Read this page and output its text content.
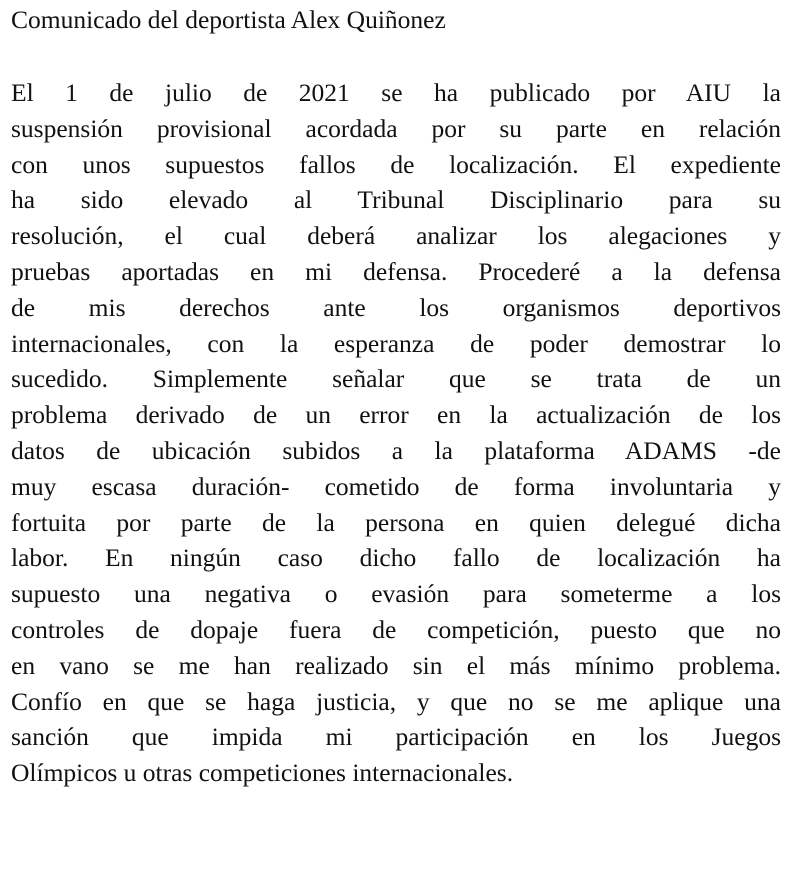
Comunicado del deportista Alex Quiñonez
El 1 de julio de 2021 se ha publicado por AIU la
suspensión provisional acordada por su parte en relación
con unos supuestos fallos de localización. El expediente
ha sido elevado al Tribunal Disciplinario para su
resolución, el cual deberá analizar los alegaciones y
pruebas aportadas en mi defensa. Procederé a la defensa
de mis derechos ante los organismos deportivos
internacionales, con la esperanza de poder demostrar lo
sucedido. Simplemente señalar que se trata de un
problema derivado de un error en la actualización de los
datos de ubicación subidos a la plataforma ADAMS -de
muy escasa duración- cometido de forma involuntaria y
fortuita por parte de la persona en quien delegué dicha
labor. En ningún caso dicho fallo de localización ha
supuesto una negativa o evasión para someterme a los
controles de dopaje fuera de competición, puesto que no
en vano se me han realizado sin el más mínimo problema.
Confío en que se haga justicia, y que no se me aplique una
sanción que impida mi participación en los Juegos
Olímpicos u otras competiciones internacionales.
